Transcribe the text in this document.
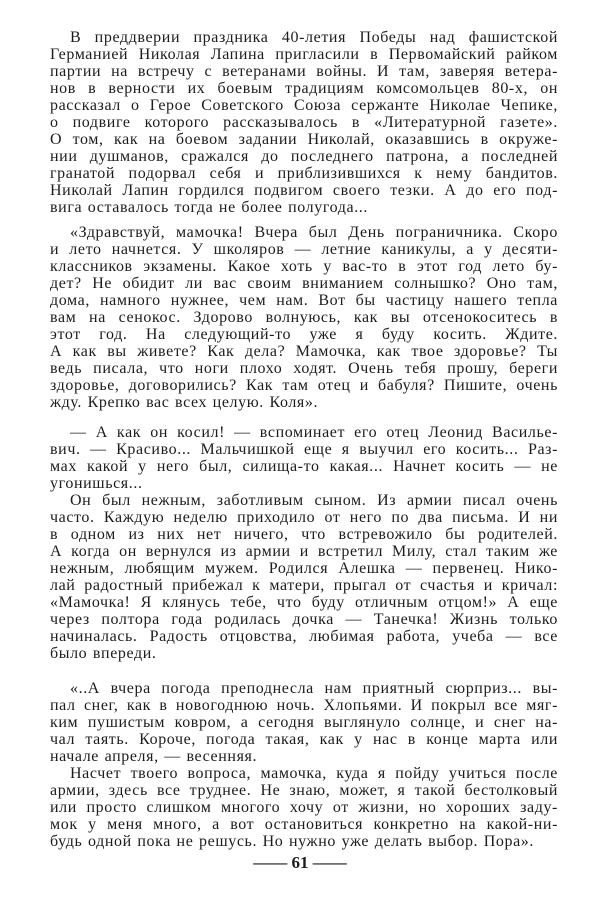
В преддверии праздника 40-летия Победы над фашистской
Германией Николая Лапина пригласили в Первомайский райком
партии на встречу с ветеранами войны. И там, заверяя ветера-
нов в верности их боевым традициям комсомольцев 80-х, он
рассказал о Герое Советского Союза сержанте Николае Чепике,
о подвиге которого рассказывалось в «Литературной газете».
О том, как на боевом задании Николай, оказавшись в окруже-
нии душманов, сражался до последнего патрона, а последней
гранатой подорвал себя и приблизившихся к нему бандитов.
Николай Лапин гордился подвигом своего тезки. А до его под-
вига оставалось тогда не более полугода...
«Здравствуй, мамочка! Вчера был День пограничника. Скоро
и лето начнется. У школяров — летние каникулы, а у десяти-
классников экзамены. Какое хоть у вас-то в этот год лето бу-
дет? Не обидит ли вас своим вниманием солнышко? Оно там,
дома, намного нужнее, чем нам. Вот бы частицу нашего тепла
вам на сенокос. Здорово волнуюсь, как вы отсенокоситесь в
этот год. На следующий-то уже я буду косить. Ждите.
А как вы живете? Как дела? Мамочка, как твое здоровье? Ты
ведь писала, что ноги плохо ходят. Очень тебя прошу, береги
здоровье, договорились? Как там отец и бабуля? Пишите, очень
жду. Крепко вас всех целую. Коля».
— А как он косил! — вспоминает его отец Леонид Василье-
вич. — Красиво... Мальчишкой еще я выучил его косить... Раз-
мах какой у него был, силища-то какая... Начнет косить — не
угонишься...
Он был нежным, заботливым сыном. Из армии писал очень
часто. Каждую неделю приходило от него по два письма. И ни
в одном из них нет ничего, что встревожило бы родителей.
А когда он вернулся из армии и встретил Милу, стал таким же
нежным, любящим мужем. Родился Алешка — первенец. Нико-
лай радостный прибежал к матери, прыгал от счастья и кричал:
«Мамочка! Я клянусь тебе, что буду отличным отцом!» А еще
через полтора года родилась дочка — Танечка! Жизнь только
начиналась. Радость отцовства, любимая работа, учеба — все
было впереди.
«..А вчера погода преподнесла нам приятный сюрприз... вы-
пал снег, как в новогоднюю ночь. Хлопьями. И покрыл все мяг-
ким пушистым ковром, а сегодня выглянуло солнце, и снег на-
чал таять. Короче, погода такая, как у нас в конце марта или
начале апреля, — весенняя.
Насчет твоего вопроса, мамочка, куда я пойду учиться после
армии, здесь все труднее. Не знаю, может, я такой бестолковый
или просто слишком многого хочу от жизни, но хороших заду-
мок у меня много, а вот остановиться конкретно на какой-ни-
будь одной пока не решусь. Но нужно уже делать выбор. Пора».
—— 61 ——
